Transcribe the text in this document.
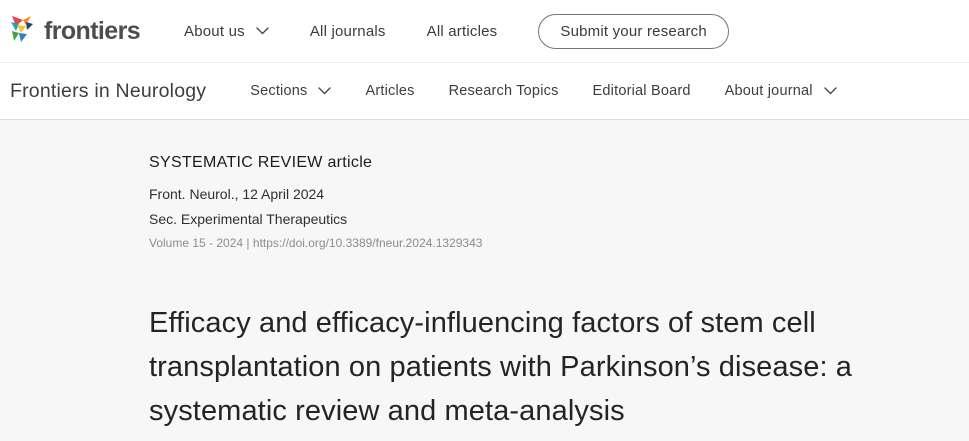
frontiers	About us	All journals	All articles	Submit your research
Frontiers in Neurology	Sections	Articles Research Topics Editorial Board About journal
SYSTEMATIC REVIEW article
Front. Neurol., 12 April 2024
Sec. Experimental Therapeutics
Volume 15 - 2024 | https://doi.org/10.3389/fneur.2024.1329343
Efficacy and efficacy-influencing factors of stem cell transplantation on patients with Parkinson’s disease: a systematic review and meta-analysis
